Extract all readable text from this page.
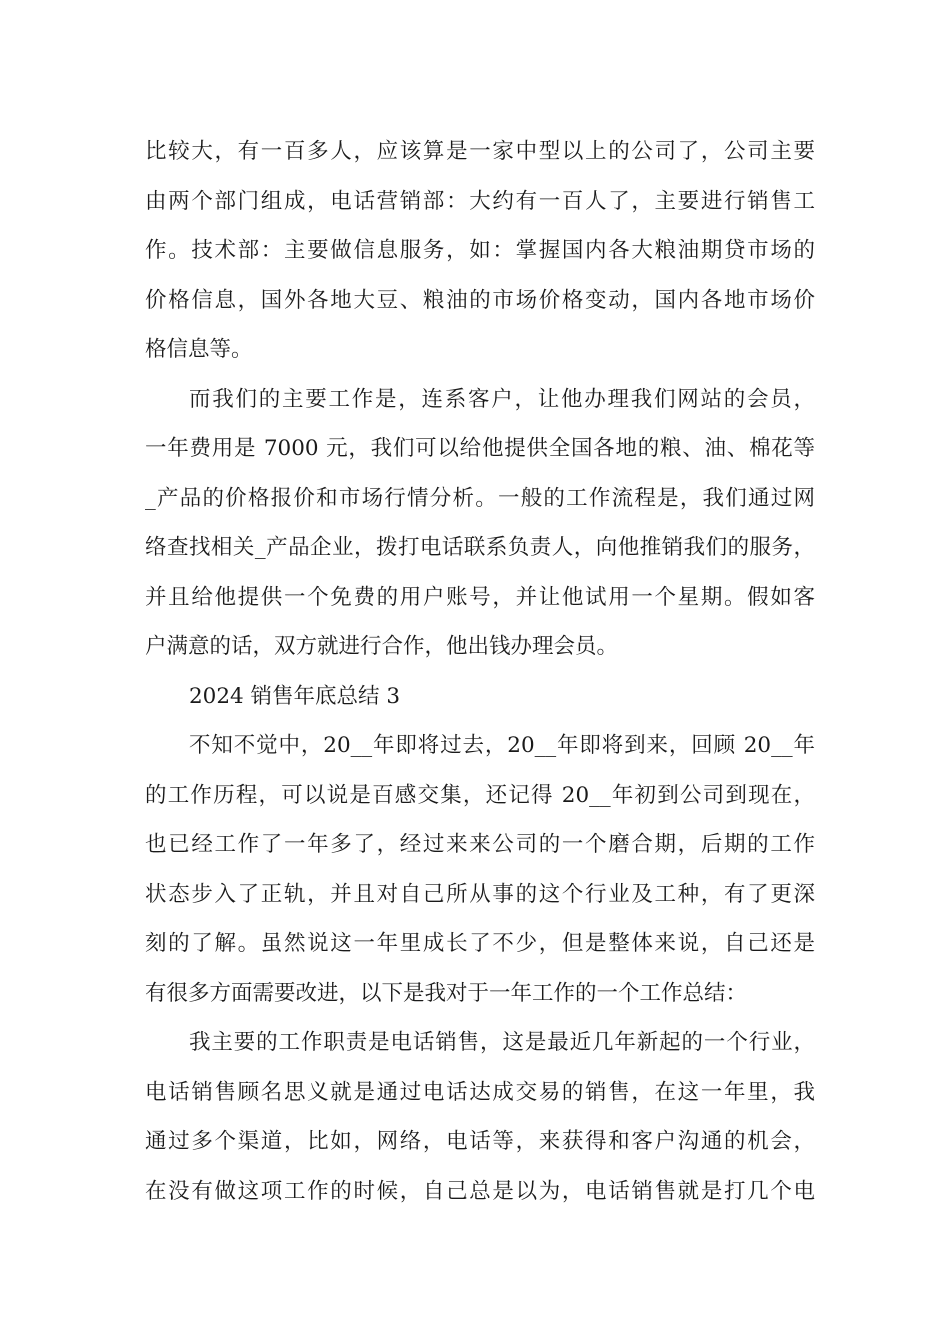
比较大，有一百多人，应该算是一家中型以上的公司了，公司主要
由两个部门组成，电话营销部：大约有一百人了，主要进行销售工
作。技术部：主要做信息服务，如：掌握国内各大粮油期贷市场的
价格信息，国外各地大豆、粮油的市场价格变动，国内各地市场价
格信息等。
而我们的主要工作是，连系客户，让他办理我们网站的会员，
一年费用是 7000 元，我们可以给他提供全国各地的粮、油、棉花等
_产品的价格报价和市场行情分析。一般的工作流程是，我们通过网
络查找相关_产品企业，拨打电话联系负责人，向他推销我们的服务，
并且给他提供一个免费的用户账号，并让他试用一个星期。假如客
户满意的话，双方就进行合作，他出钱办理会员。
2024 销售年底总结 3
不知不觉中，20__年即将过去，20__年即将到来，回顾 20__年
的工作历程，可以说是百感交集，还记得 20__年初到公司到现在，
也已经工作了一年多了，经过来来公司的一个磨合期，后期的工作
状态步入了正轨，并且对自己所从事的这个行业及工种，有了更深
刻的了解。虽然说这一年里成长了不少，但是整体来说，自己还是
有很多方面需要改进，以下是我对于一年工作的一个工作总结：
我主要的工作职责是电话销售，这是最近几年新起的一个行业，
电话销售顾名思义就是通过电话达成交易的销售，在这一年里，我
通过多个渠道，比如，网络，电话等，来获得和客户沟通的机会，
在没有做这项工作的时候，自己总是以为，电话销售就是打几个电
